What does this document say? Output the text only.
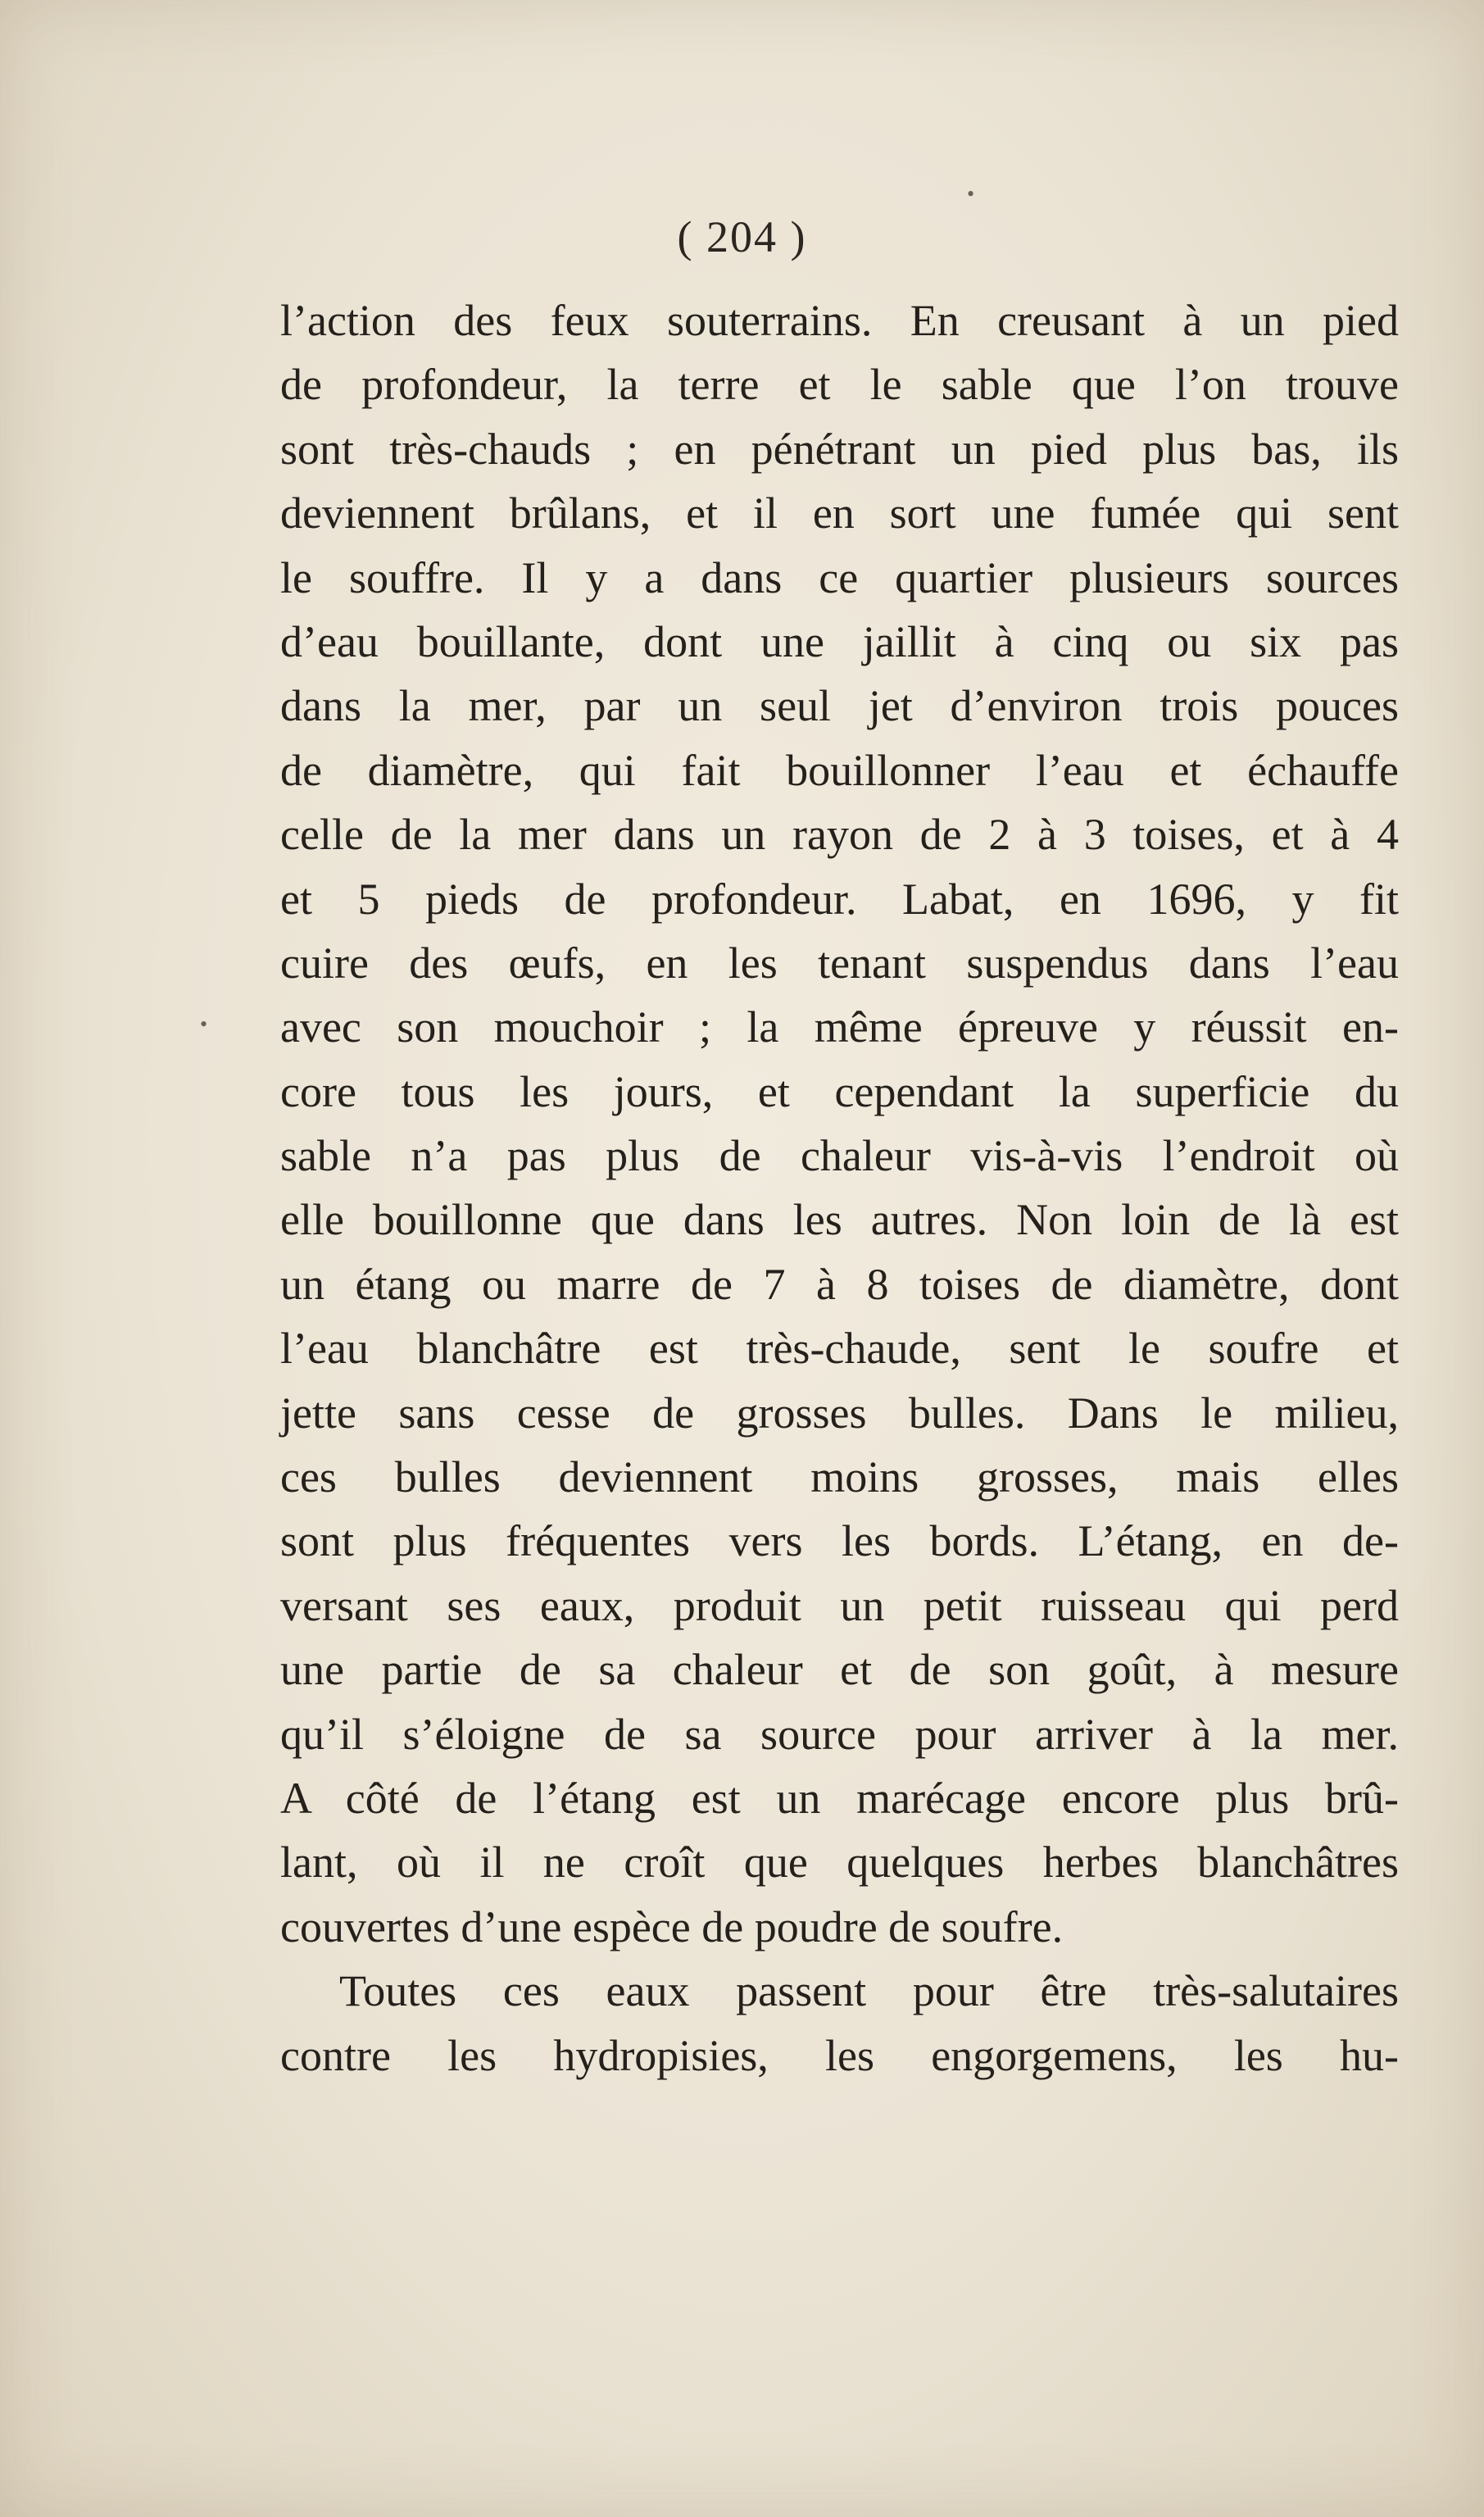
•
•
( 204 )
l’action des feux souterrains. En creusant à un pied
de profondeur, la terre et le sable que l’on trouve
sont très-chauds ; en pénétrant un pied plus bas, ils
deviennent brûlans, et il en sort une fumée qui sent
le souffre. Il y a dans ce quartier plusieurs sources
d’eau bouillante, dont une jaillit à cinq ou six pas
dans la mer, par un seul jet d’environ trois pouces
de diamètre, qui fait bouillonner l’eau et échauffe
celle de la mer dans un rayon de 2 à 3 toises, et à 4
et 5 pieds de profondeur. Labat, en 1696, y fit
cuire des œufs, en les tenant suspendus dans l’eau
avec son mouchoir ; la même épreuve y réussit en-
core tous les jours, et cependant la superficie du
sable n’a pas plus de chaleur vis-à-vis l’endroit où
elle bouillonne que dans les autres. Non loin de là est
un étang ou marre de 7 à 8 toises de diamètre, dont
l’eau blanchâtre est très-chaude, sent le soufre et
jette sans cesse de grosses bulles. Dans le milieu,
ces bulles deviennent moins grosses, mais elles
sont plus fréquentes vers les bords. L’étang, en de-
versant ses eaux, produit un petit ruisseau qui perd
une partie de sa chaleur et de son goût, à mesure
qu’il s’éloigne de sa source pour arriver à la mer.
A côté de l’étang est un marécage encore plus brû-
lant, où il ne croît que quelques herbes blanchâtres
couvertes d’une espèce de poudre de soufre.
Toutes ces eaux passent pour être très-salutaires
contre les hydropisies, les engorgemens, les hu-
